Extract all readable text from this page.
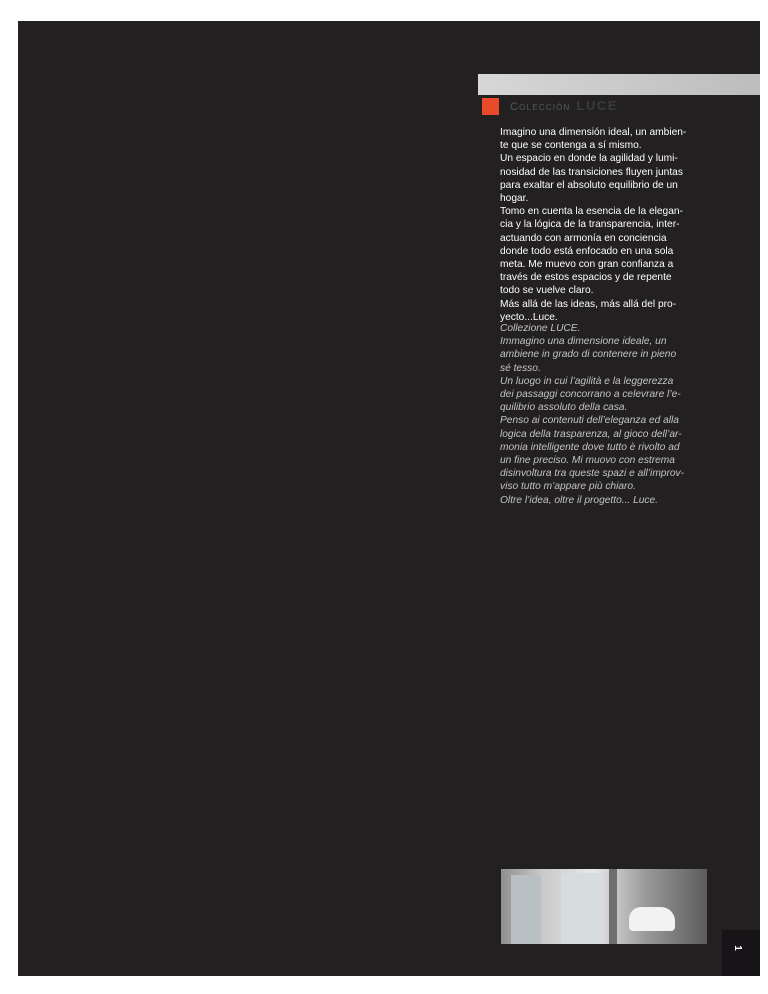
Colección LUCE
Imagino una dimensión ideal, un ambien-
te que se contenga a sí mismo.
Un espacio en donde la agilidad y lumi-
nosidad de las transiciones fluyen juntas
para exaltar el absoluto equilibrio de un
hogar.
Tomo en cuenta la esencia de la elegan-
cia y la lógica de la transparencia, inter-
actuando con armonía en conciencia
donde todo está enfocado en una sola
meta. Me muevo con gran confianza a
través de estos espacios y de repente
todo se vuelve claro.
Más allá de las ideas, más allá del pro-
yecto...Luce.
Collezione LUCE.
Immagino una dimensione ideale, un
ambiene in grado di contenere in pieno
sé tesso.
Un luogo in cui l’agilità e la leggerezza
dei passaggi concorrano a celevrare l’e-
quilibrio assoluto della casa.
Penso ai contenuti dell’eleganza ed alla
logica della trasparenza, al gioco dell’ar-
monia intelligente dove tutto è rivolto ad
un fine preciso. Mi muovo con estrema
disinvoltura tra queste spazi e all’improv-
viso tutto m’appare più chiaro.
Oltre l’idea, oltre il progetto... Luce.
1
